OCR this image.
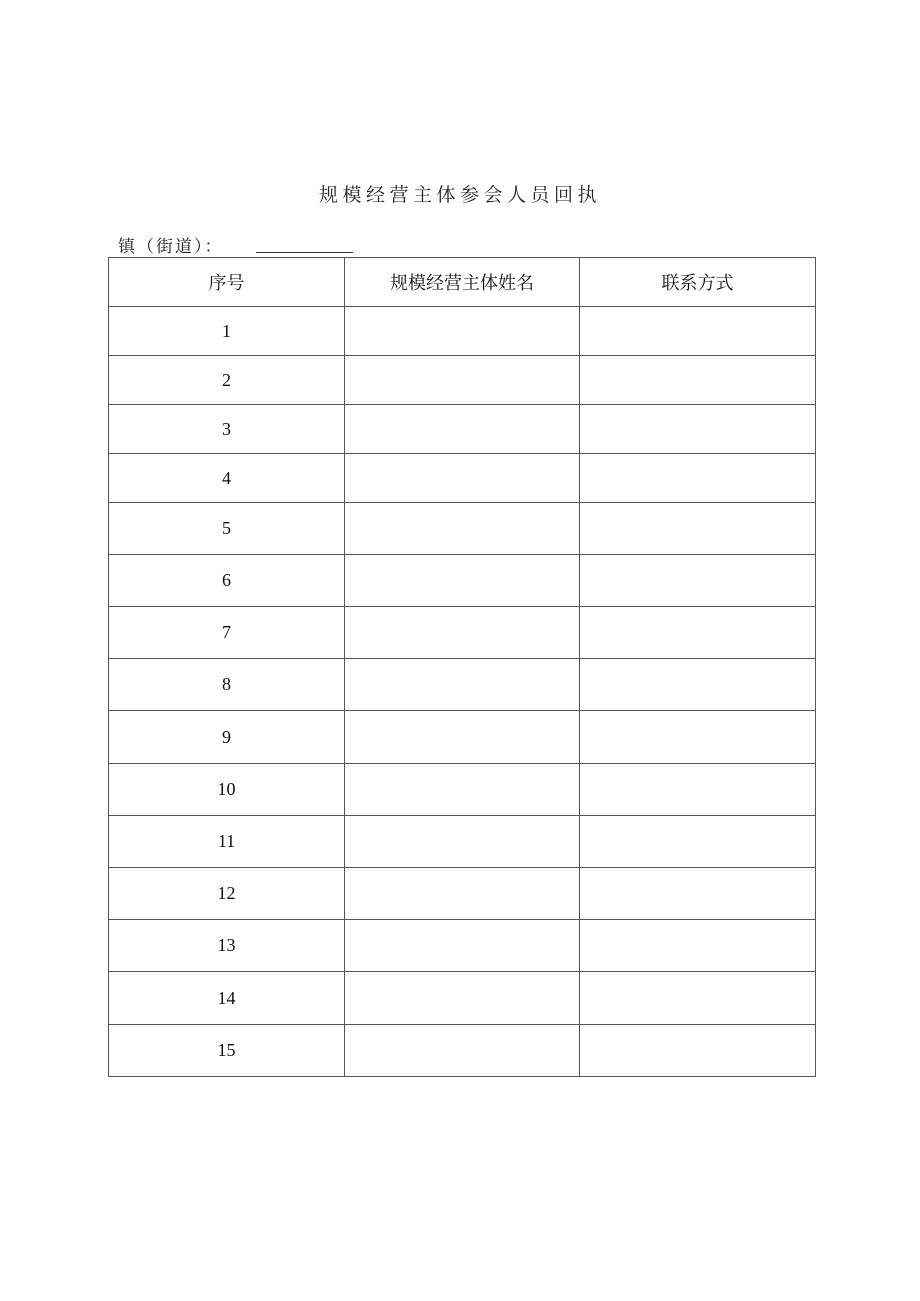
规模经营主体参会人员回执
镇（街道）：
序号	规模经营主体姓名	联系方式
1		
2		
3		
4		
5		
6		
7		
8		
9		
10		
11		
12		
13		
14		
15		
